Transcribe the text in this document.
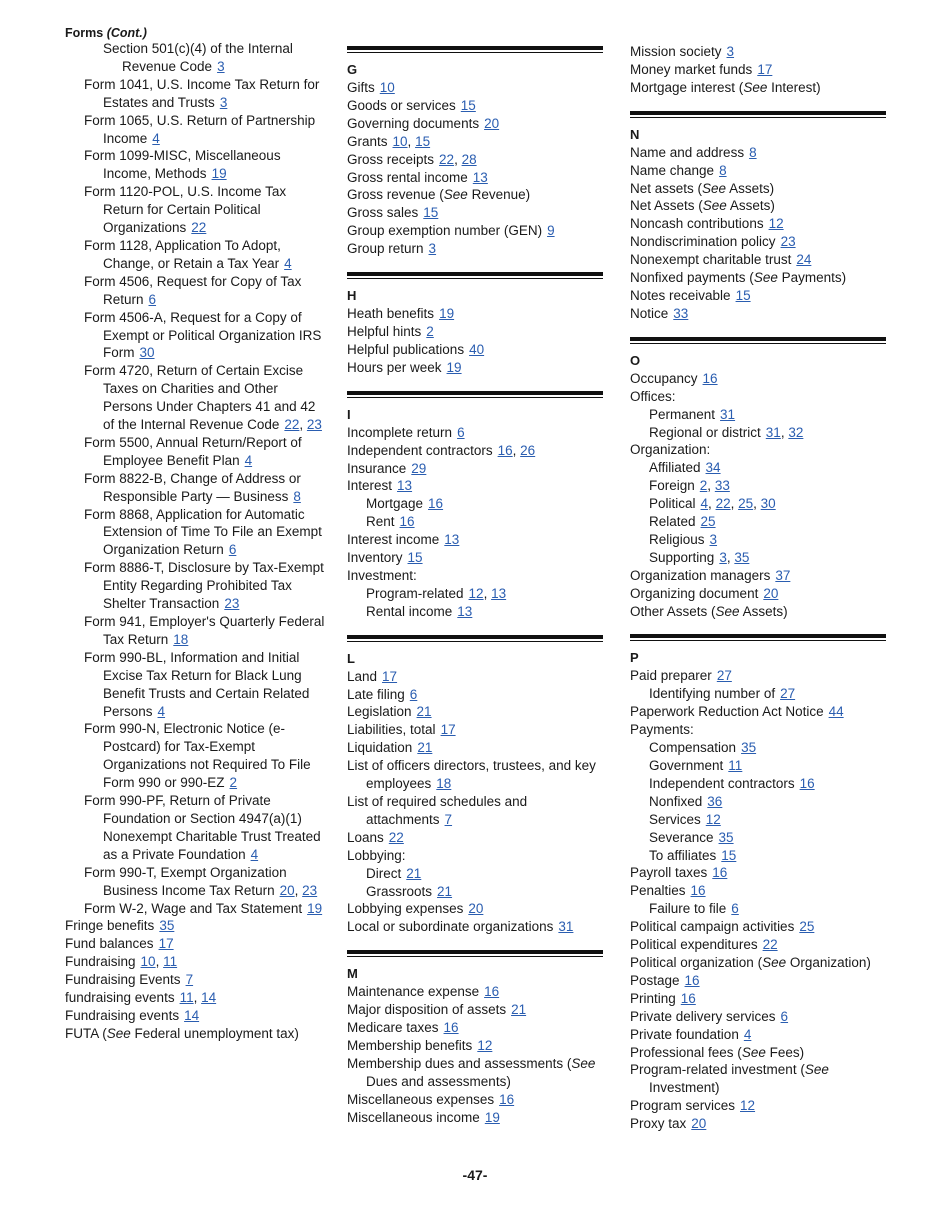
Forms (Cont.)
Section 501(c)(4) of the Internal Revenue Code 3
Form 1041, U.S. Income Tax Return for Estates and Trusts 3
Form 1065, U.S. Return of Partnership Income 4
Form 1099-MISC, Miscellaneous Income, Methods 19
Form 1120-POL, U.S. Income Tax Return for Certain Political Organizations 22
Form 1128, Application To Adopt, Change, or Retain a Tax Year 4
Form 4506, Request for Copy of Tax Return 6
Form 4506-A, Request for a Copy of Exempt or Political Organization IRS Form 30
Form 4720, Return of Certain Excise Taxes on Charities and Other Persons Under Chapters 41 and 42 of the Internal Revenue Code 22, 23
Form 5500, Annual Return/Report of Employee Benefit Plan 4
Form 8822-B, Change of Address or Responsible Party — Business 8
Form 8868, Application for Automatic Extension of Time To File an Exempt Organization Return 6
Form 8886-T, Disclosure by Tax-Exempt Entity Regarding Prohibited Tax Shelter Transaction 23
Form 941, Employer's Quarterly Federal Tax Return 18
Form 990-BL, Information and Initial Excise Tax Return for Black Lung Benefit Trusts and Certain Related Persons 4
Form 990-N, Electronic Notice (e-Postcard) for Tax-Exempt Organizations not Required To File Form 990 or 990-EZ 2
Form 990-PF, Return of Private Foundation or Section 4947(a)(1) Nonexempt Charitable Trust Treated as a Private Foundation 4
Form 990-T, Exempt Organization Business Income Tax Return 20, 23
Form W-2, Wage and Tax Statement 19
Fringe benefits 35
Fund balances 17
Fundraising 10, 11
Fundraising Events 7
fundraising events 11, 14
Fundraising events 14
FUTA (See Federal unemployment tax)
G
Gifts 10
Goods or services 15
Governing documents 20
Grants 10, 15
Gross receipts 22, 28
Gross rental income 13
Gross revenue (See Revenue)
Gross sales 15
Group exemption number (GEN) 9
Group return 3
H
Heath benefits 19
Helpful hints 2
Helpful publications 40
Hours per week 19
I
Incomplete return 6
Independent contractors 16, 26
Insurance 29
Interest 13
Mortgage 16
Rent 16
Interest income 13
Inventory 15
Investment:
Program-related 12, 13
Rental income 13
L
Land 17
Late filing 6
Legislation 21
Liabilities, total 17
Liquidation 21
List of officers directors, trustees, and key employees 18
List of required schedules and attachments 7
Loans 22
Lobbying:
Direct 21
Grassroots 21
Lobbying expenses 20
Local or subordinate organizations 31
M
Maintenance expense 16
Major disposition of assets 21
Medicare taxes 16
Membership benefits 12
Membership dues and assessments (See Dues and assessments)
Miscellaneous expenses 16
Miscellaneous income 19
Mission society 3
Money market funds 17
Mortgage interest (See Interest)
N
Name and address 8
Name change 8
Net assets (See Assets)
Net Assets (See Assets)
Noncash contributions 12
Nondiscrimination policy 23
Nonexempt charitable trust 24
Nonfixed payments (See Payments)
Notes receivable 15
Notice 33
O
Occupancy 16
Offices:
Permanent 31
Regional or district 31, 32
Organization:
Affiliated 34
Foreign 2, 33
Political 4, 22, 25, 30
Related 25
Religious 3
Supporting 3, 35
Organization managers 37
Organizing document 20
Other Assets (See Assets)
P
Paid preparer 27
Identifying number of 27
Paperwork Reduction Act Notice 44
Payments:
Compensation 35
Government 11
Independent contractors 16
Nonfixed 36
Services 12
Severance 35
To affiliates 15
Payroll taxes 16
Penalties 16
Failure to file 6
Political campaign activities 25
Political expenditures 22
Political organization (See Organization)
Postage 16
Printing 16
Private delivery services 6
Private foundation 4
Professional fees (See Fees)
Program-related investment (See Investment)
Program services 12
Proxy tax 20
-47-
